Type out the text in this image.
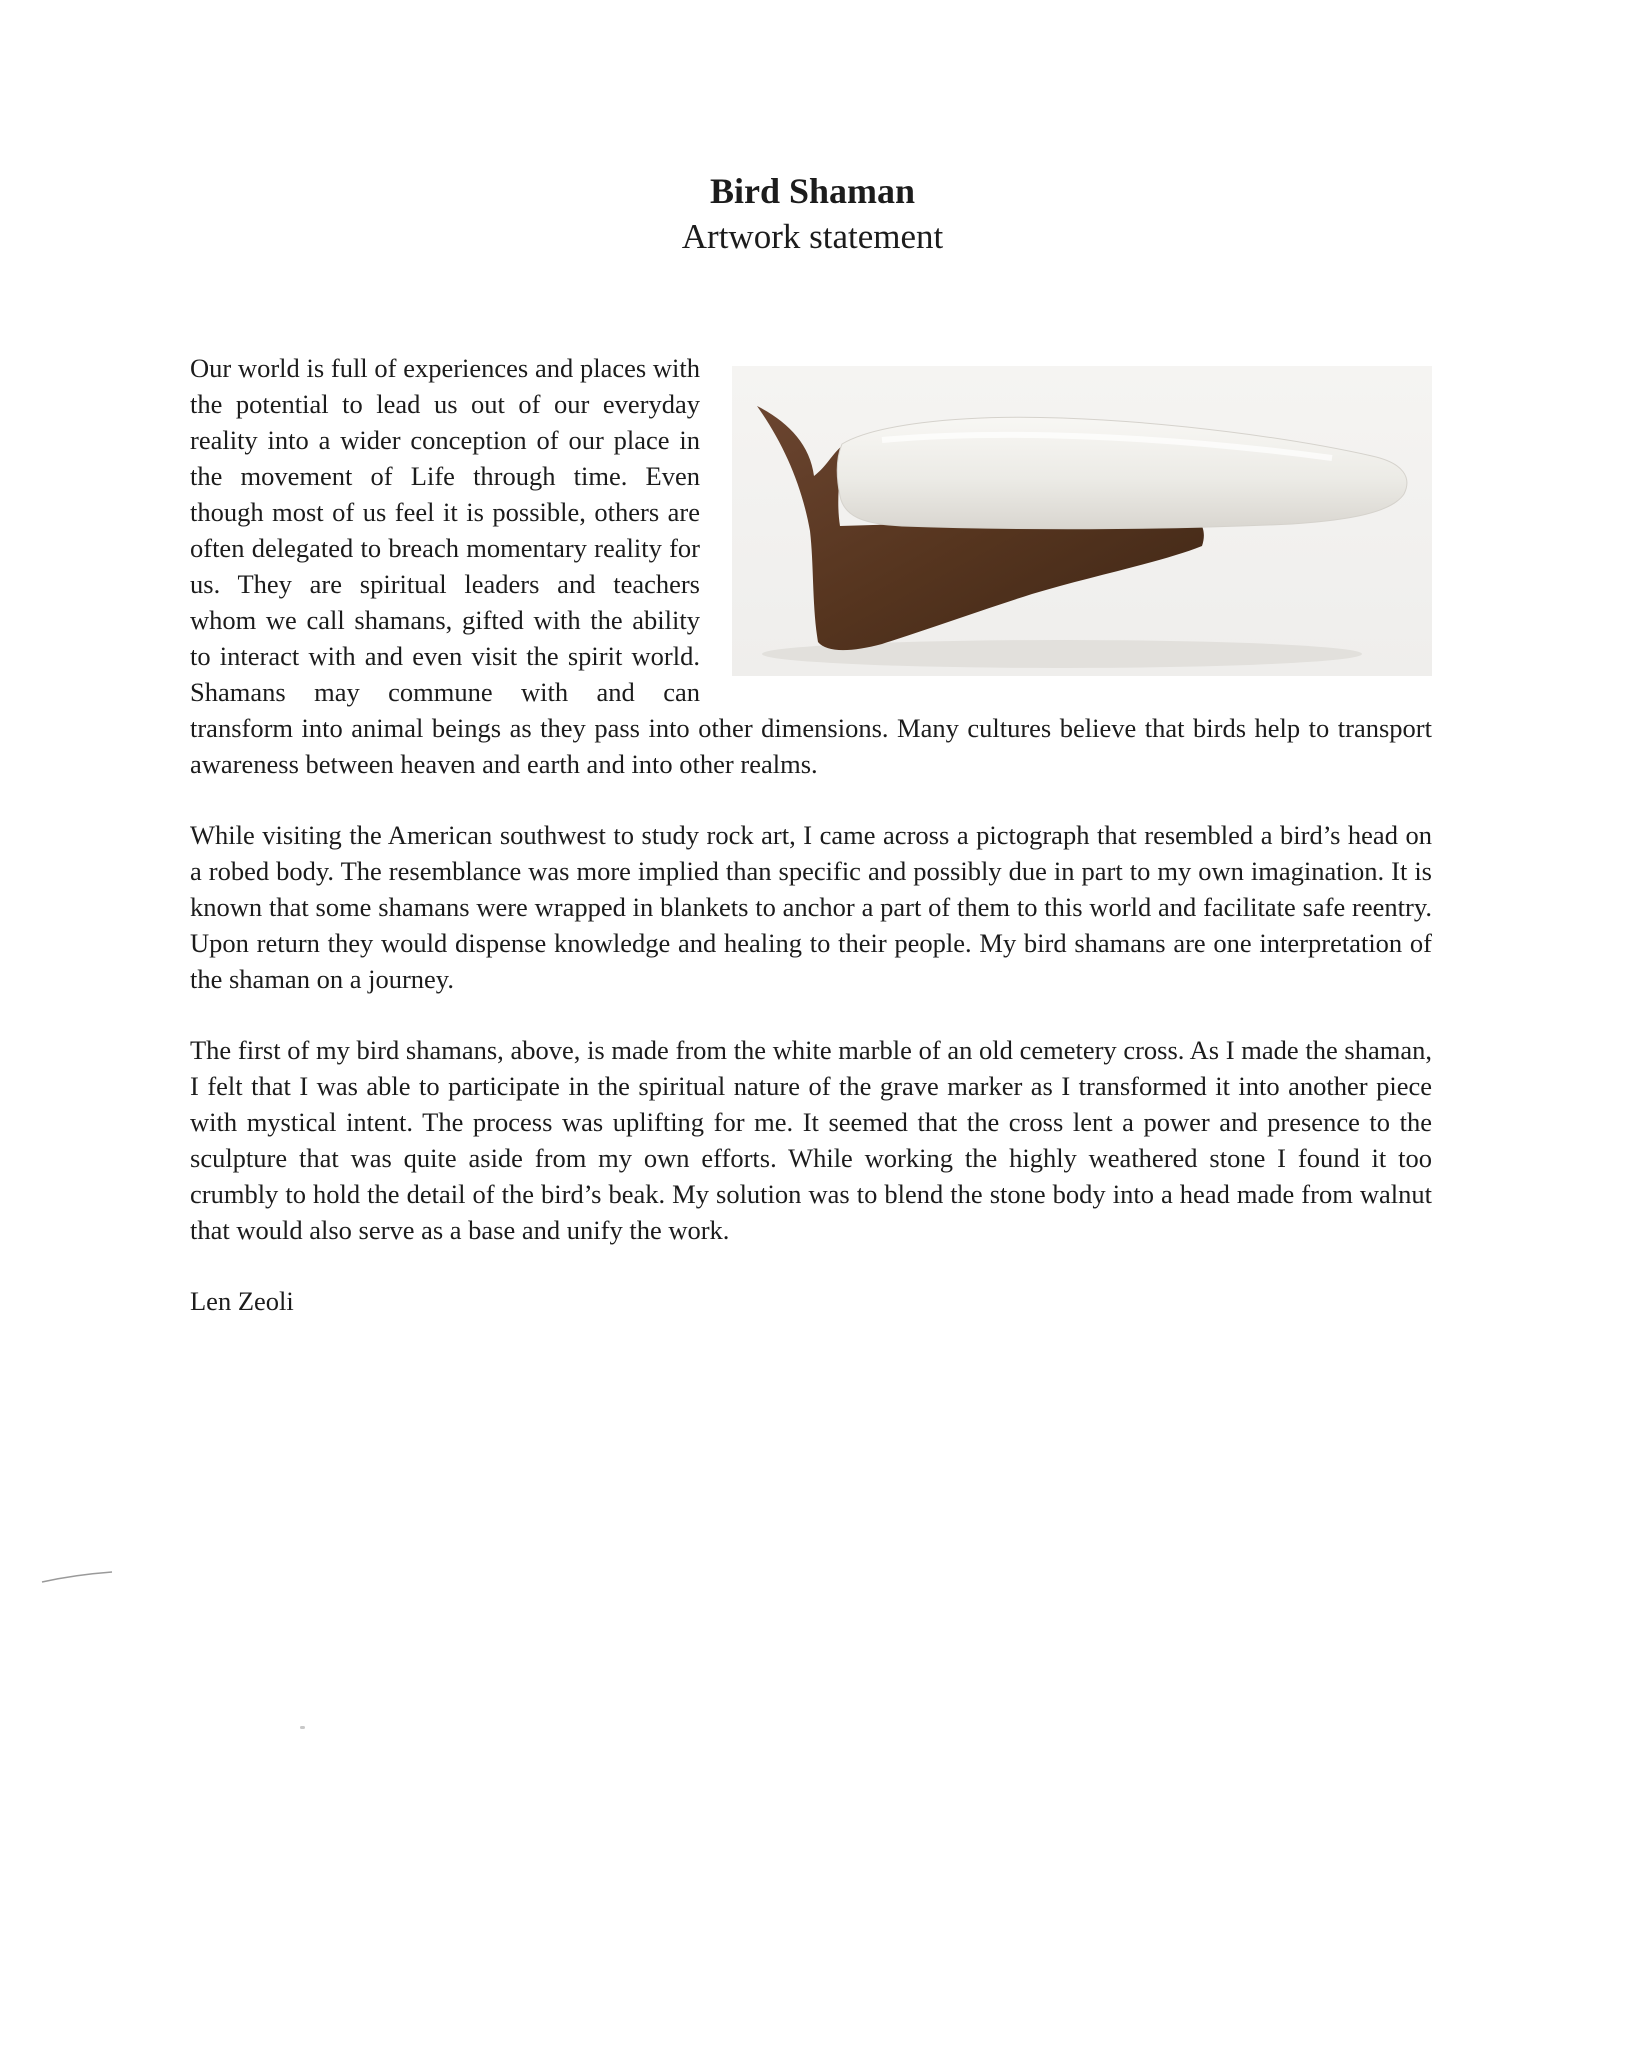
Bird Shaman
Artwork statement

Our world is full of experiences and places with the potential to lead us out of our everyday reality into a wider conception of our place in the movement of Life through time. Even though most of us feel it is possible, others are often delegated to breach momentary reality for us. They are spiritual leaders and teachers whom we call shamans, gifted with the ability to interact with and even visit the spirit world. Shamans may commune with and can transform into animal beings as they pass into other dimensions. Many cultures believe that birds help to transport awareness between heaven and earth and into other realms.

While visiting the American southwest to study rock art, I came across a pictograph that resembled a bird’s head on a robed body. The resemblance was more implied than specific and possibly due in part to my own imagination. It is known that some shamans were wrapped in blankets to anchor a part of them to this world and facilitate safe reentry. Upon return they would dispense knowledge and healing to their people. My bird shamans are one interpretation of the shaman on a journey.

The first of my bird shamans, above, is made from the white marble of an old cemetery cross. As I made the shaman, I felt that I was able to participate in the spiritual nature of the grave marker as I transformed it into another piece with mystical intent. The process was uplifting for me. It seemed that the cross lent a power and presence to the sculpture that was quite aside from my own efforts. While working the highly weathered stone I found it too crumbly to hold the detail of the bird’s beak. My solution was to blend the stone body into a head made from walnut that would also serve as a base and unify the work.

Len Zeoli
